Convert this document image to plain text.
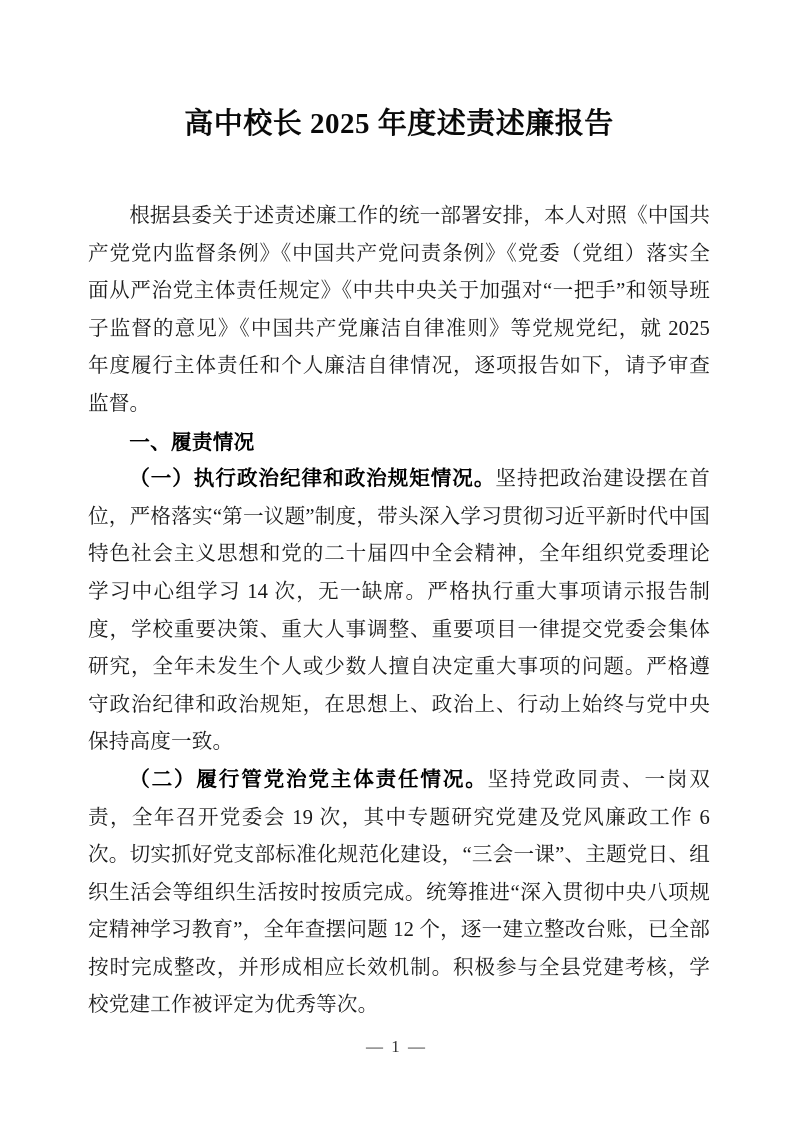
高中校长 2025 年度述责述廉报告

根据县委关于述责述廉工作的统一部署安排，本人对照《中国共产党党内监督条例》《中国共产党问责条例》《党委（党组）落实全面从严治党主体责任规定》《中共中央关于加强对“一把手”和领导班子监督的意见》《中国共产党廉洁自律准则》等党规党纪，就 2025 年度履行主体责任和个人廉洁自律情况，逐项报告如下，请予审查监督。

一、履责情况

（一）执行政治纪律和政治规矩情况。坚持把政治建设摆在首位，严格落实“第一议题”制度，带头深入学习贯彻习近平新时代中国特色社会主义思想和党的二十届四中全会精神，全年组织党委理论学习中心组学习 14 次，无一缺席。严格执行重大事项请示报告制度，学校重要决策、重大人事调整、重要项目一律提交党委会集体研究，全年未发生个人或少数人擅自决定重大事项的问题。严格遵守政治纪律和政治规矩，在思想上、政治上、行动上始终与党中央保持高度一致。

（二）履行管党治党主体责任情况。坚持党政同责、一岗双责，全年召开党委会 19 次，其中专题研究党建及党风廉政工作 6 次。切实抓好党支部标准化规范化建设，“三会一课”、主题党日、组织生活会等组织生活按时按质完成。统筹推进“深入贯彻中央八项规定精神学习教育”，全年查摆问题 12 个，逐一建立整改台账，已全部按时完成整改，并形成相应长效机制。积极参与全县党建考核，学校党建工作被评定为优秀等次。

— 1 —
